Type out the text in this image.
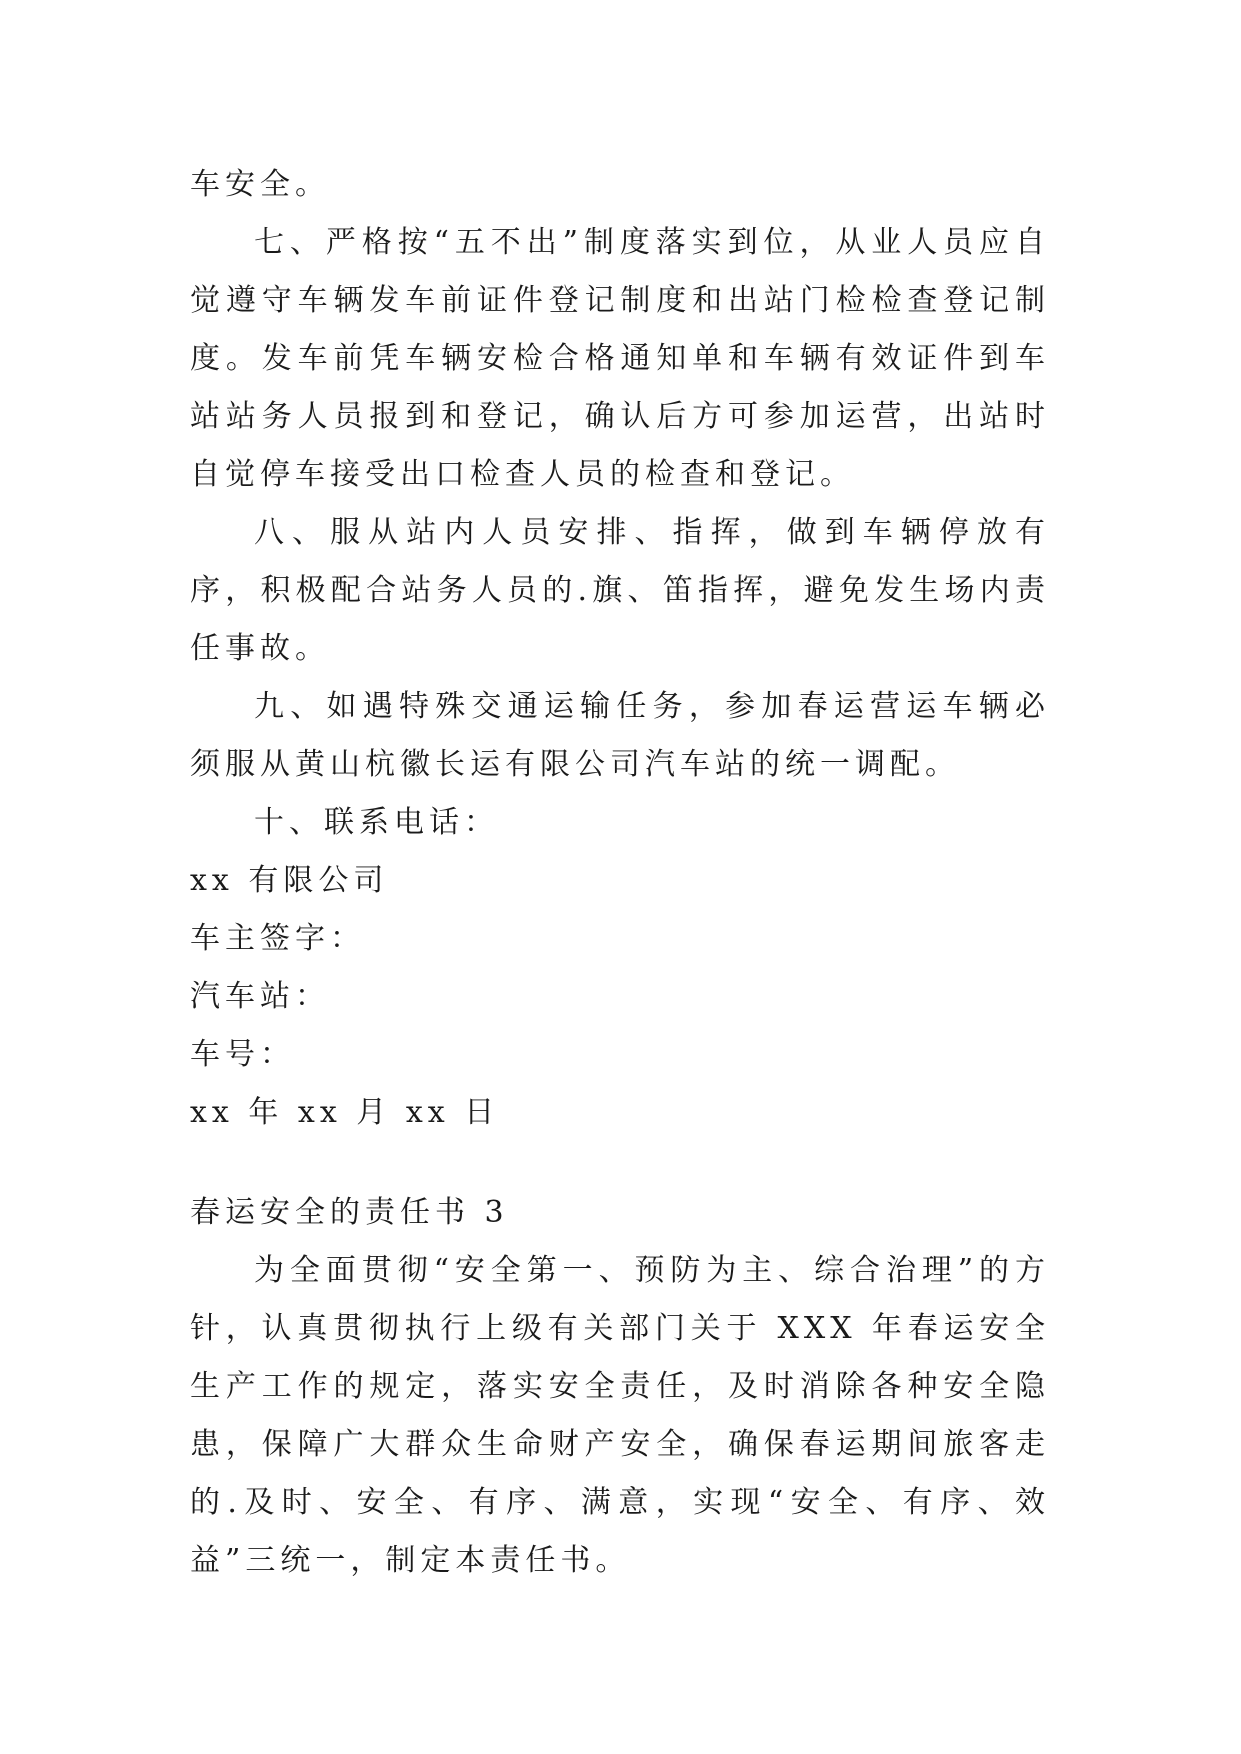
车安全。

七、严格按“五不出”制度落实到位，从业人员应自觉遵守车辆发车前证件登记制度和出站门检检查登记制度。发车前凭车辆安检合格通知单和车辆有效证件到车站站务人员报到和登记，确认后方可参加运营，出站时自觉停车接受出口检查人员的检查和登记。

八、服从站内人员安排、指挥，做到车辆停放有序，积极配合站务人员的.旗、笛指挥，避免发生场内责任事故。

九、如遇特殊交通运输任务，参加春运营运车辆必须服从黄山杭徽长运有限公司汽车站的统一调配。

十、联系电话：

xx 有限公司

车主签字：

汽车站：

车号：

xx 年 xx 月 xx 日

春运安全的责任书 3

为全面贯彻“安全第一、预防为主、综合治理”的方针，认真贯彻执行上级有关部门关于 XXX 年春运安全生产工作的规定，落实安全责任，及时消除各种安全隐患，保障广大群众生命财产安全，确保春运期间旅客走的.及时、安全、有序、满意，实现“安全、有序、效益”三统一，制定本责任书。
